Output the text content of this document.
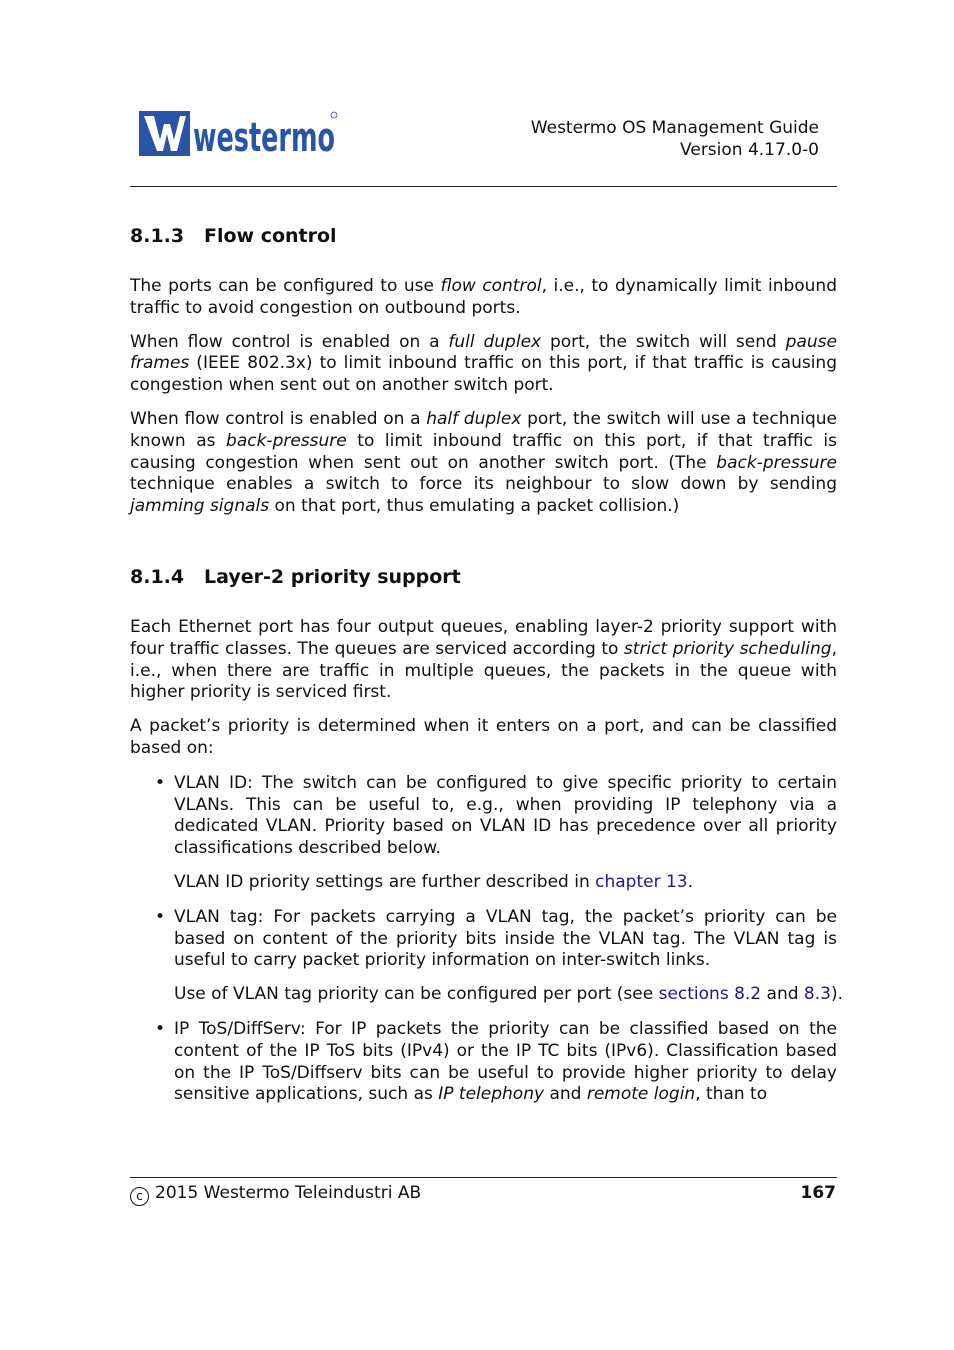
westermo	Westermo OS Management Guide
Version 4.17.0-0
8.1.3 Flow control

The ports can be configured to use flow control, i.e., to dynamically limit inbound traffic to avoid congestion on outbound ports.

When flow control is enabled on a full duplex port, the switch will send pause frames (IEEE 802.3x) to limit inbound traffic on this port, if that traffic is causing congestion when sent out on another switch port.

When flow control is enabled on a half duplex port, the switch will use a technique known as back-pressure to limit inbound traffic on this port, if that traffic is causing congestion when sent out on another switch port. (The back-pressure technique enables a switch to force its neighbour to slow down by sending jamming signals on that port, thus emulating a packet collision.)

8.1.4 Layer-2 priority support

Each Ethernet port has four output queues, enabling layer-2 priority support with four traffic classes. The queues are serviced according to strict priority scheduling, i.e., when there are traffic in multiple queues, the packets in the queue with higher priority is serviced first.

A packet’s priority is determined when it enters on a port, and can be classified based on:

• VLAN ID: The switch can be configured to give specific priority to certain VLANs. This can be useful to, e.g., when providing IP telephony via a dedicated VLAN. Priority based on VLAN ID has precedence over all priority classifications described below.

VLAN ID priority settings are further described in chapter 13.

• VLAN tag: For packets carrying a VLAN tag, the packet’s priority can be based on content of the priority bits inside the VLAN tag. The VLAN tag is useful to carry packet priority information on inter-switch links.

Use of VLAN tag priority can be configured per port (see sections 8.2 and 8.3).

• IP ToS/DiffServ: For IP packets the priority can be classified based on the content of the IP ToS bits (IPv4) or the IP TC bits (IPv6). Classification based on the IP ToS/Diffserv bits can be useful to provide higher priority to delay sensitive applications, such as IP telephony and remote login, than to

c 2015 Westermo Teleindustri AB	167
